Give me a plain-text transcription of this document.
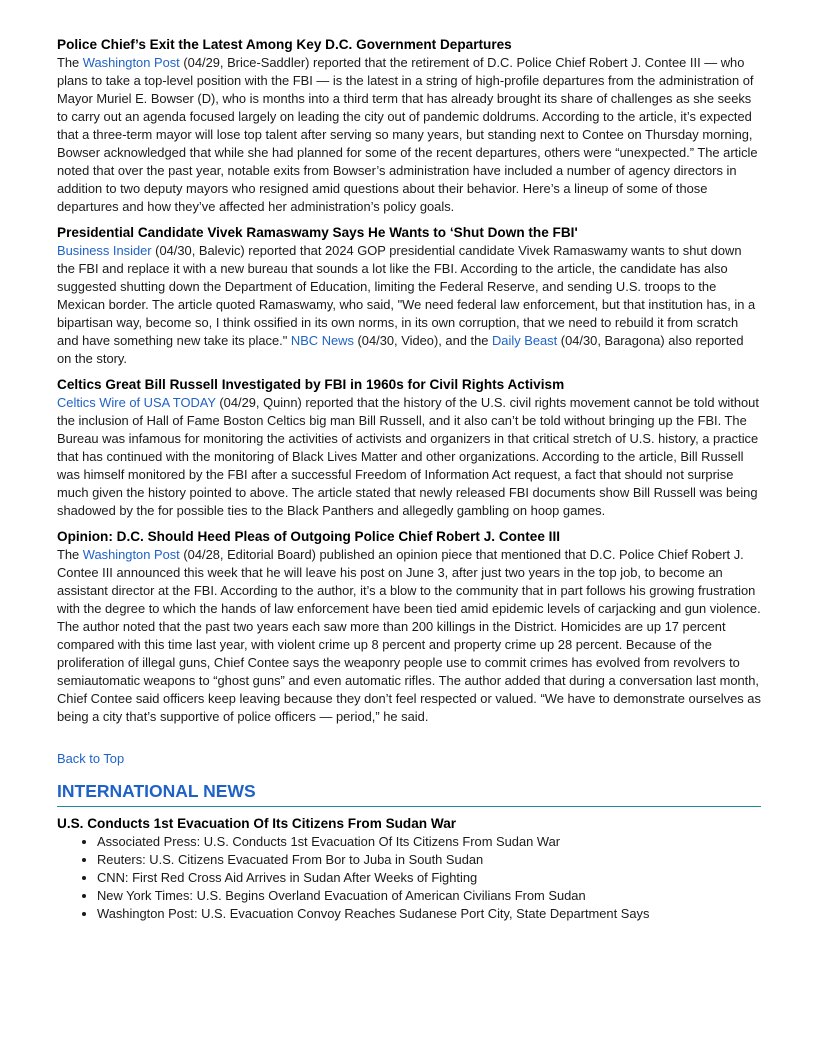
Police Chief’s Exit the Latest Among Key D.C. Government Departures

The Washington Post (04/29, Brice-Saddler) reported that the retirement of D.C. Police Chief Robert J. Contee III — who plans to take a top-level position with the FBI — is the latest in a string of high-profile departures from the administration of Mayor Muriel E. Bowser (D), who is months into a third term that has already brought its share of challenges as she seeks to carry out an agenda focused largely on leading the city out of pandemic doldrums. According to the article, it’s expected that a three-term mayor will lose top talent after serving so many years, but standing next to Contee on Thursday morning, Bowser acknowledged that while she had planned for some of the recent departures, others were “unexpected.” The article noted that over the past year, notable exits from Bowser’s administration have included a number of agency directors in addition to two deputy mayors who resigned amid questions about their behavior. Here’s a lineup of some of those departures and how they’ve affected her administration’s policy goals.

Presidential Candidate Vivek Ramaswamy Says He Wants to ‘Shut Down the FBI'

Business Insider (04/30, Balevic) reported that 2024 GOP presidential candidate Vivek Ramaswamy wants to shut down the FBI and replace it with a new bureau that sounds a lot like the FBI. According to the article, the candidate has also suggested shutting down the Department of Education, limiting the Federal Reserve, and sending U.S. troops to the Mexican border. The article quoted Ramaswamy, who said, "We need federal law enforcement, but that institution has, in a bipartisan way, become so, I think ossified in its own norms, in its own corruption, that we need to rebuild it from scratch and have something new take its place." NBC News (04/30, Video), and the Daily Beast (04/30, Baragona) also reported on the story.

Celtics Great Bill Russell Investigated by FBI in 1960s for Civil Rights Activism

Celtics Wire of USA TODAY (04/29, Quinn) reported that the history of the U.S. civil rights movement cannot be told without the inclusion of Hall of Fame Boston Celtics big man Bill Russell, and it also can’t be told without bringing up the FBI. The Bureau was infamous for monitoring the activities of activists and organizers in that critical stretch of U.S. history, a practice that has continued with the monitoring of Black Lives Matter and other organizations. According to the article, Bill Russell was himself monitored by the FBI after a successful Freedom of Information Act request, a fact that should not surprise much given the history pointed to above. The article stated that newly released FBI documents show Bill Russell was being shadowed by the for possible ties to the Black Panthers and allegedly gambling on hoop games.

Opinion: D.C. Should Heed Pleas of Outgoing Police Chief Robert J. Contee III

The Washington Post (04/28, Editorial Board) published an opinion piece that mentioned that D.C. Police Chief Robert J. Contee III announced this week that he will leave his post on June 3, after just two years in the top job, to become an assistant director at the FBI. According to the author, it’s a blow to the community that in part follows his growing frustration with the degree to which the hands of law enforcement have been tied amid epidemic levels of carjacking and gun violence. The author noted that the past two years each saw more than 200 killings in the District. Homicides are up 17 percent compared with this time last year, with violent crime up 8 percent and property crime up 28 percent. Because of the proliferation of illegal guns, Chief Contee says the weaponry people use to commit crimes has evolved from revolvers to semiautomatic weapons to “ghost guns” and even automatic rifles. The author added that during a conversation last month, Chief Contee said officers keep leaving because they don’t feel respected or valued. “We have to demonstrate ourselves as being a city that’s supportive of police officers — period,” he said.

Back to Top
INTERNATIONAL NEWS

U.S. Conducts 1st Evacuation Of Its Citizens From Sudan War

• Associated Press: U.S. Conducts 1st Evacuation Of Its Citizens From Sudan War
• Reuters: U.S. Citizens Evacuated From Bor to Juba in South Sudan
• CNN: First Red Cross Aid Arrives in Sudan After Weeks of Fighting
• New York Times: U.S. Begins Overland Evacuation of American Civilians From Sudan
• Washington Post: U.S. Evacuation Convoy Reaches Sudanese Port City, State Department Says
